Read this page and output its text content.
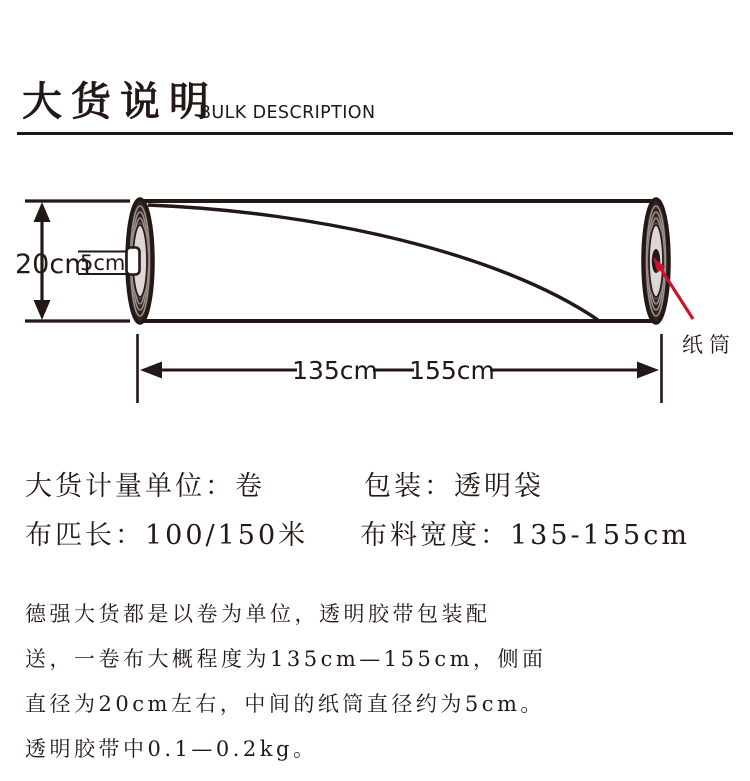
大货说明
BULK DESCRIPTION
20cm
5cm
纸筒
135cm 155cm
大货计量单位：卷	包装：透明袋
布匹长：100/150米 布料宽度：135-155cm
德强大货都是以卷为单位，透明胶带包装配
送，一卷布大概程度为135cm—155cm，侧面
直径为20cm左右，中间的纸筒直径约为5cm。
透明胶带中0.1—0.2kg。
